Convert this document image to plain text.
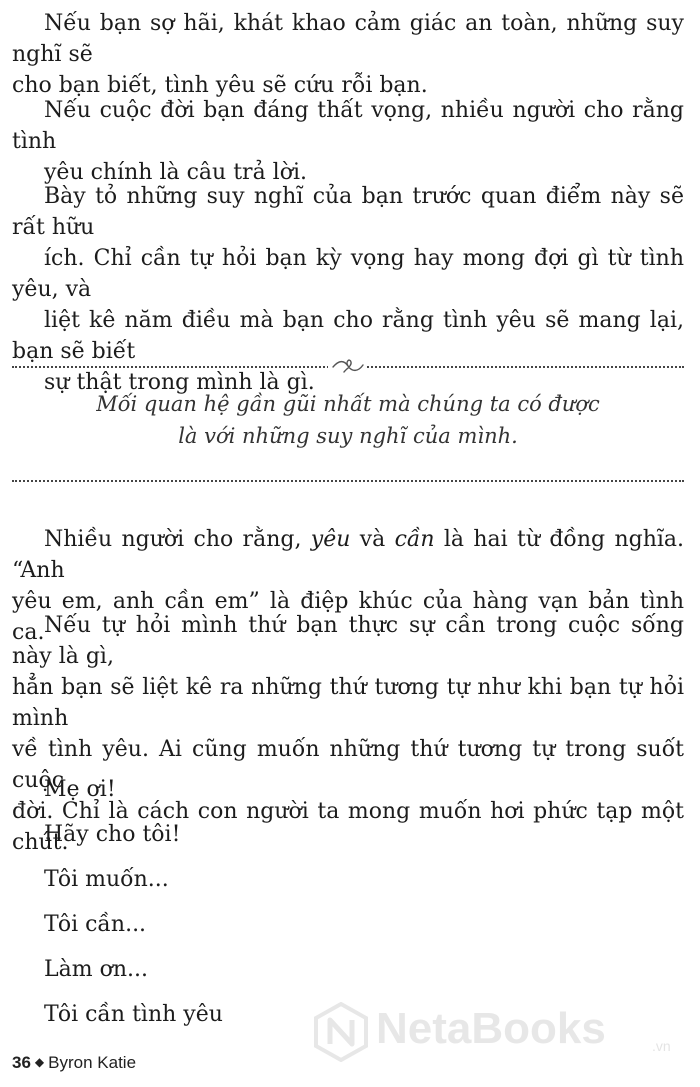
Nếu bạn sợ hãi, khát khao cảm giác an toàn, những suy nghĩ sẽ
cho bạn biết, tình yêu sẽ cứu rỗi bạn.

Nếu cuộc đời bạn đáng thất vọng, nhiều người cho rằng tình
yêu chính là câu trả lời.

Bày tỏ những suy nghĩ của bạn trước quan điểm này sẽ rất hữu
ích. Chỉ cần tự hỏi bạn kỳ vọng hay mong đợi gì từ tình yêu, và
liệt kê năm điều mà bạn cho rằng tình yêu sẽ mang lại, bạn sẽ biết
sự thật trong mình là gì.

Mối quan hệ gần gũi nhất mà chúng ta có được
là với những suy nghĩ của mình.

Nhiều người cho rằng, yêu và cần là hai từ đồng nghĩa. “Anh
yêu em, anh cần em” là điệp khúc của hàng vạn bản tình ca. Nếu tự hỏi mình thứ bạn thực sự cần trong cuộc sống này là gì,
hẳn bạn sẽ liệt kê ra những thứ tương tự như khi bạn tự hỏi mình
về tình yêu. Ai cũng muốn những thứ tương tự trong suốt cuộc
đời. Chỉ là cách con người ta mong muốn hơi phức tạp một chút.

Mẹ ơi!
Hãy cho tôi!
Tôi muốn...
Tôi cần...
Làm ơn...
Tôi cần tình yêu
36 ◆ Byron Katie
NetaBooks	.vn
